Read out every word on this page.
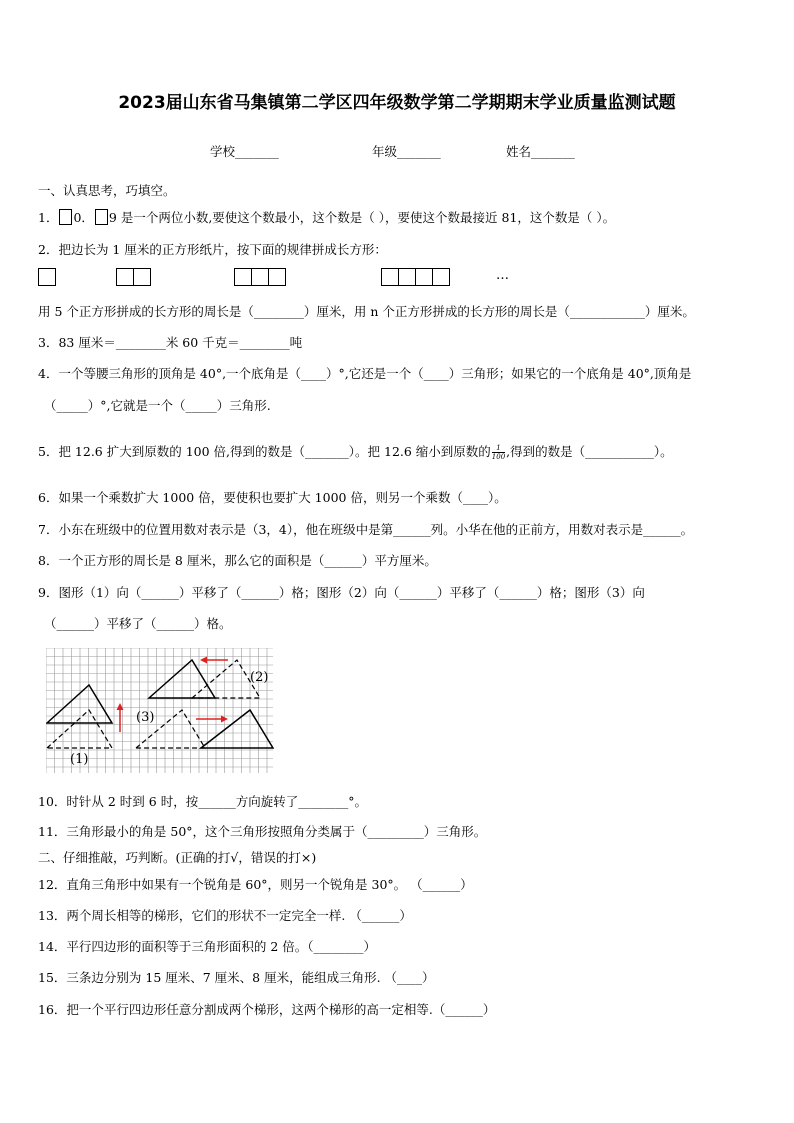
2023届山东省马集镇第二学区四年级数学第二学期期末学业质量监测试题
学校_______	年级_______	姓名_______
一、认真思考，巧填空。
1． 0． 9 是一个两位小数,要使这个数最小，这个数是（ ），要使这个数最接近 81，这个数是（ ）。
2．把边长为 1 厘米的正方形纸片，按下面的规律拼成长方形：
…
用 5 个正方形拼成的长方形的周长是（________）厘米，用 n 个正方形拼成的长方形的周长是（____________）厘米。
3．83 厘米＝________米 60 千克＝________吨
4．一个等腰三角形的顶角是 40°,一个底角是（____）°,它还是一个（____）三角形；如果它的一个底角是 40°,顶角是
（_____）°,它就是一个（_____）三角形.
5．把 12.6 扩大到原数的 100 倍,得到的数是（_______）。把 12.6 缩小到原数的 $\frac{1}{100}$ ,得到的数是（___________）。
6．如果一个乘数扩大 1000 倍，要使积也要扩大 1000 倍，则另一个乘数（____）。
7．小东在班级中的位置用数对表示是（3，4），他在班级中是第______列。小华在他的正前方，用数对表示是______。
8．一个正方形的周长是 8 厘米，那么它的面积是（______）平方厘米。
9．图形（1）向（______）平移了（______）格；图形（2）向（______）平移了（______）格；图形（3）向
（______）平移了（______）格。
(1)
(2)
(3)
10．时针从 2 时到 6 时，按______方向旋转了________°。
11．三角形最小的角是 50°，这个三角形按照角分类属于（_________）三角形。
二、仔细推敲，巧判断。(正确的打√，错误的打×)
12．直角三角形中如果有一个锐角是 60°，则另一个锐角是 30°。 （______）
13．两个周长相等的梯形，它们的形状不一定完全一样. （______）
14．平行四边形的面积等于三角形面积的 2 倍。（________）
15．三条边分别为 15 厘米、7 厘米、8 厘米，能组成三角形. （____）
16．把一个平行四边形任意分割成两个梯形，这两个梯形的高一定相等.（______）
